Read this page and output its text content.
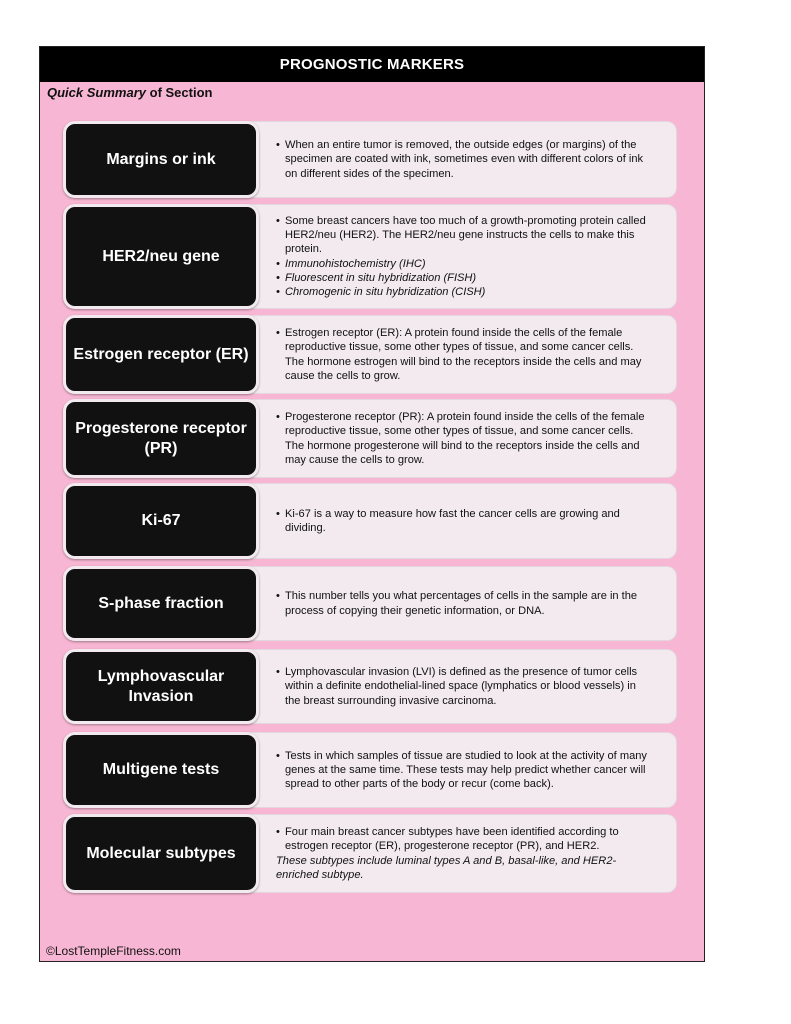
PROGNOSTIC MARKERS
Quick Summary of Section

• When an entire tumor is removed, the outside edges (or margins) of the specimen are coated with ink, sometimes even with different colors of ink on different sides of the specimen.

Margins or ink

• Some breast cancers have too much of a growth-promoting protein called HER2/neu (HER2). The HER2/neu gene instructs the cells to make this protein.

• Immunohistochemistry (IHC)

• Fluorescent in situ hybridization (FISH)

• Chromogenic in situ hybridization (CISH)

HER2/neu gene

• Estrogen receptor (ER): A protein found inside the cells of the female reproductive tissue, some other types of tissue, and some cancer cells. The hormone estrogen will bind to the receptors inside the cells and may cause the cells to grow.

Estrogen receptor (ER)

• Progesterone receptor (PR): A protein found inside the cells of the female reproductive tissue, some other types of tissue, and some cancer cells. The hormone progesterone will bind to the receptors inside the cells and may cause the cells to grow.

Progesterone receptor (PR)

• Ki-67 is a way to measure how fast the cancer cells are growing and dividing.

Ki-67

• This number tells you what percentages of cells in the sample are in the process of copying their genetic information, or DNA.

S-phase fraction

• Lymphovascular invasion (LVI) is defined as the presence of tumor cells within a definite endothelial-lined space (lymphatics or blood vessels) in the breast surrounding invasive carcinoma.

Lymphovascular Invasion

• Tests in which samples of tissue are studied to look at the activity of many genes at the same time. These tests may help predict whether cancer will spread to other parts of the body or recur (come back).

Multigene tests

• Four main breast cancer subtypes have been identified according to estrogen receptor (ER), progesterone receptor (PR), and HER2.

These subtypes include luminal types A and B, basal-like, and HER2-enriched subtype.

Molecular subtypes
©LostTempleFitness.com
